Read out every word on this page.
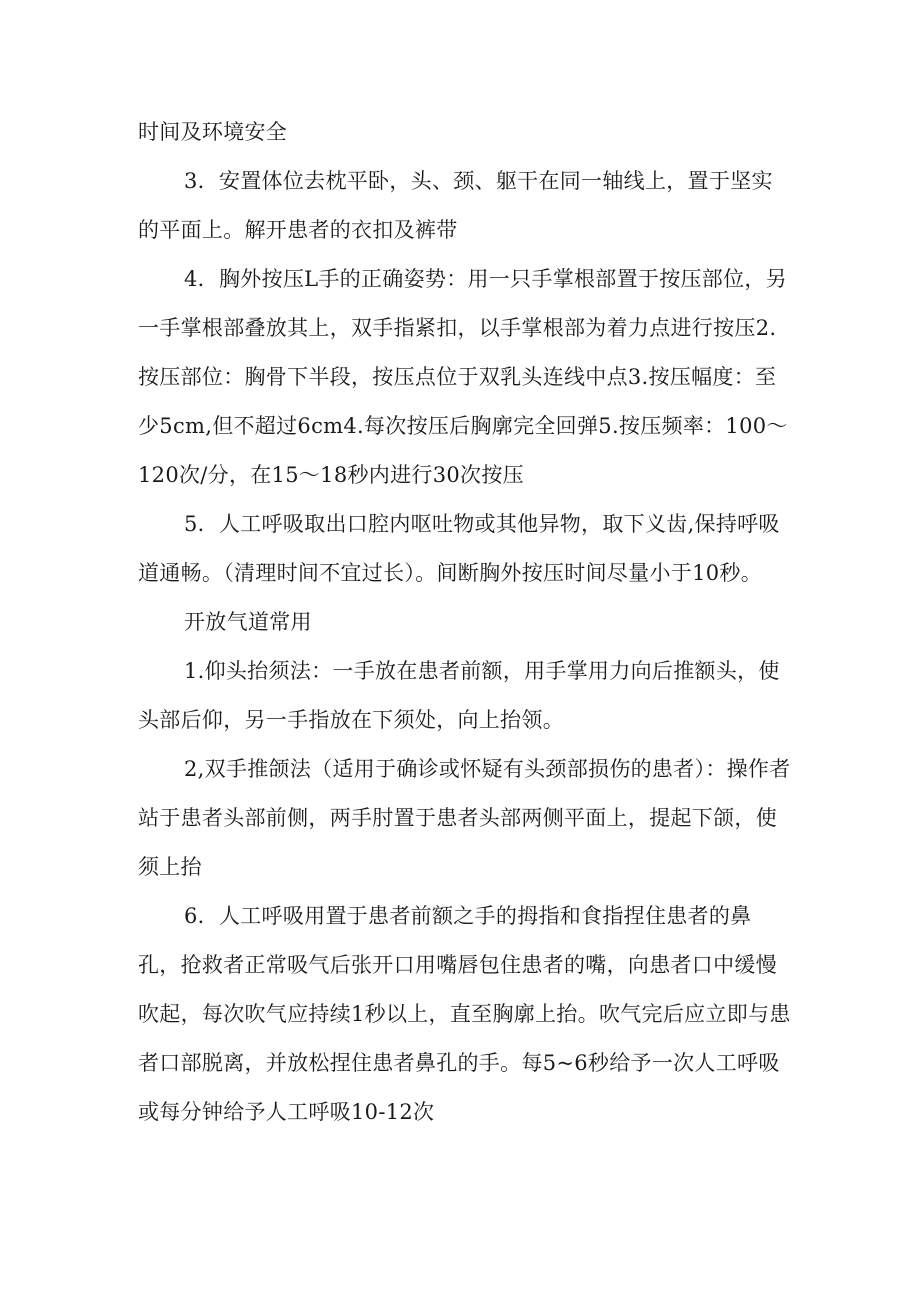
时间及环境安全

3．安置体位去枕平卧，头、颈、躯干在同一轴线上，置于坚实的平面上。解开患者的衣扣及裤带

4．胸外按压L手的正确姿势：用一只手掌根部置于按压部位，另一手掌根部叠放其上，双手指紧扣，以手掌根部为着力点进行按压2.按压部位：胸骨下半段，按压点位于双乳头连线中点3.按压幅度：至少5cm,但不超过6cm4.每次按压后胸廓完全回弹5.按压频率：100～120次/分，在15～18秒内进行30次按压

5．人工呼吸取出口腔内呕吐物或其他异物，取下义齿,保持呼吸道通畅。（清理时间不宜过长）。间断胸外按压时间尽量小于10秒。

开放气道常用

1.仰头抬须法：一手放在患者前额，用手掌用力向后推额头，使头部后仰，另一手指放在下须处，向上抬领。

2,双手推颌法（适用于确诊或怀疑有头颈部损伤的患者）：操作者站于患者头部前侧，两手肘置于患者头部两侧平面上，提起下颌，使须上抬

6．人工呼吸用置于患者前额之手的拇指和食指捏住患者的鼻孔，抢救者正常吸气后张开口用嘴唇包住患者的嘴，向患者口中缓慢吹起，每次吹气应持续1秒以上，直至胸廓上抬。吹气完后应立即与患者口部脱离，并放松捏住患者鼻孔的手。每5~6秒给予一次人工呼吸或每分钟给予人工呼吸10-12次
